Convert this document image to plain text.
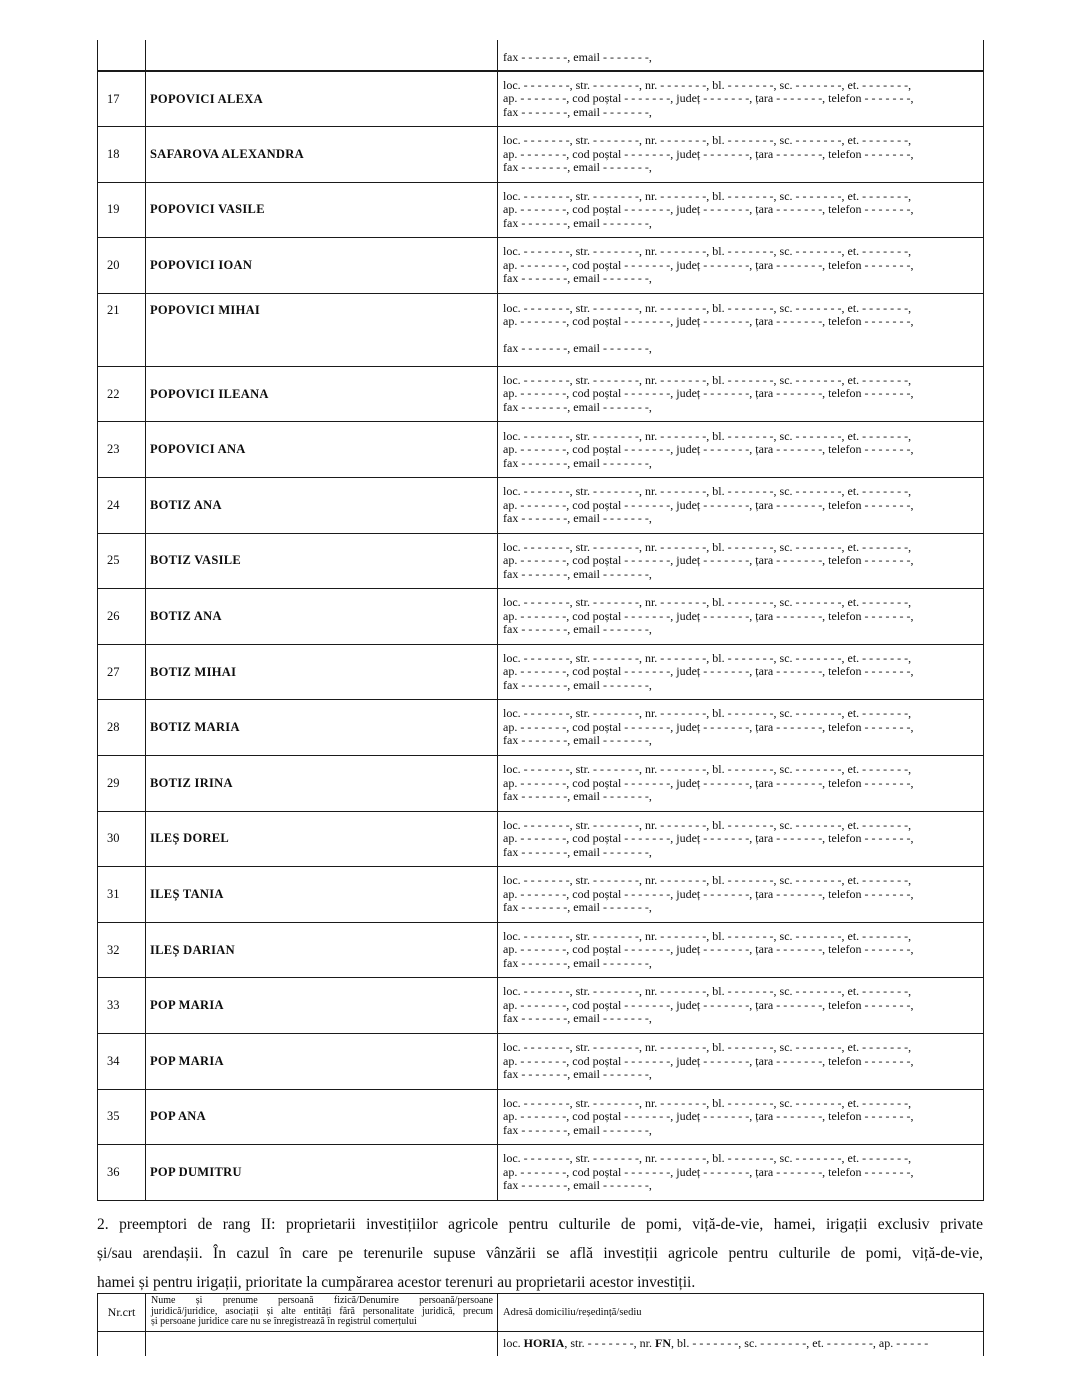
		fax - - - - - - -, email - - - - - - -,

17	POPOVICI ALEXA	loc. - - - - - - -, str. - - - - - - -, nr. - - - - - - -, bl. - - - - - - -, sc. - - - - - - -, et. - - - - - - -,
ap. - - - - - - -, cod poștal - - - - - - -, județ - - - - - - -, țara - - - - - - -, telefon - - - - - - -,
fax - - - - - - -, email - - - - - - -,

18	SAFAROVA ALEXANDRA	loc. - - - - - - -, str. - - - - - - -, nr. - - - - - - -, bl. - - - - - - -, sc. - - - - - - -, et. - - - - - - -,
ap. - - - - - - -, cod poștal - - - - - - -, județ - - - - - - -, țara - - - - - - -, telefon - - - - - - -,
fax - - - - - - -, email - - - - - - -,

19	POPOVICI VASILE	loc. - - - - - - -, str. - - - - - - -, nr. - - - - - - -, bl. - - - - - - -, sc. - - - - - - -, et. - - - - - - -,
ap. - - - - - - -, cod poștal - - - - - - -, județ - - - - - - -, țara - - - - - - -, telefon - - - - - - -,
fax - - - - - - -, email - - - - - - -,

20	POPOVICI IOAN	loc. - - - - - - -, str. - - - - - - -, nr. - - - - - - -, bl. - - - - - - -, sc. - - - - - - -, et. - - - - - - -,
ap. - - - - - - -, cod poștal - - - - - - -, județ - - - - - - -, țara - - - - - - -, telefon - - - - - - -,
fax - - - - - - -, email - - - - - - -,

21	POPOVICI MIHAI	loc. - - - - - - -, str. - - - - - - -, nr. - - - - - - -, bl. - - - - - - -, sc. - - - - - - -, et. - - - - - - -,
ap. - - - - - - -, cod poștal - - - - - - -, județ - - - - - - -, țara - - - - - - -, telefon - - - - - - -,
fax - - - - - - -, email - - - - - - -,

22	POPOVICI ILEANA	loc. - - - - - - -, str. - - - - - - -, nr. - - - - - - -, bl. - - - - - - -, sc. - - - - - - -, et. - - - - - - -,
ap. - - - - - - -, cod poștal - - - - - - -, județ - - - - - - -, țara - - - - - - -, telefon - - - - - - -,
fax - - - - - - -, email - - - - - - -,

23	POPOVICI ANA	loc. - - - - - - -, str. - - - - - - -, nr. - - - - - - -, bl. - - - - - - -, sc. - - - - - - -, et. - - - - - - -,
ap. - - - - - - -, cod poștal - - - - - - -, județ - - - - - - -, țara - - - - - - -, telefon - - - - - - -,
fax - - - - - - -, email - - - - - - -,

24	BOTIZ ANA	loc. - - - - - - -, str. - - - - - - -, nr. - - - - - - -, bl. - - - - - - -, sc. - - - - - - -, et. - - - - - - -,
ap. - - - - - - -, cod poștal - - - - - - -, județ - - - - - - -, țara - - - - - - -, telefon - - - - - - -,
fax - - - - - - -, email - - - - - - -,

25	BOTIZ VASILE	loc. - - - - - - -, str. - - - - - - -, nr. - - - - - - -, bl. - - - - - - -, sc. - - - - - - -, et. - - - - - - -,
ap. - - - - - - -, cod poștal - - - - - - -, județ - - - - - - -, țara - - - - - - -, telefon - - - - - - -,
fax - - - - - - -, email - - - - - - -,

26	BOTIZ ANA	loc. - - - - - - -, str. - - - - - - -, nr. - - - - - - -, bl. - - - - - - -, sc. - - - - - - -, et. - - - - - - -,
ap. - - - - - - -, cod poștal - - - - - - -, județ - - - - - - -, țara - - - - - - -, telefon - - - - - - -,
fax - - - - - - -, email - - - - - - -,

27	BOTIZ MIHAI	loc. - - - - - - -, str. - - - - - - -, nr. - - - - - - -, bl. - - - - - - -, sc. - - - - - - -, et. - - - - - - -,
ap. - - - - - - -, cod poștal - - - - - - -, județ - - - - - - -, țara - - - - - - -, telefon - - - - - - -,
fax - - - - - - -, email - - - - - - -,

28	BOTIZ MARIA	loc. - - - - - - -, str. - - - - - - -, nr. - - - - - - -, bl. - - - - - - -, sc. - - - - - - -, et. - - - - - - -,
ap. - - - - - - -, cod poștal - - - - - - -, județ - - - - - - -, țara - - - - - - -, telefon - - - - - - -,
fax - - - - - - -, email - - - - - - -,

29	BOTIZ IRINA	loc. - - - - - - -, str. - - - - - - -, nr. - - - - - - -, bl. - - - - - - -, sc. - - - - - - -, et. - - - - - - -,
ap. - - - - - - -, cod poștal - - - - - - -, județ - - - - - - -, țara - - - - - - -, telefon - - - - - - -,
fax - - - - - - -, email - - - - - - -,

30	ILEȘ DOREL	loc. - - - - - - -, str. - - - - - - -, nr. - - - - - - -, bl. - - - - - - -, sc. - - - - - - -, et. - - - - - - -,
ap. - - - - - - -, cod poștal - - - - - - -, județ - - - - - - -, țara - - - - - - -, telefon - - - - - - -,
fax - - - - - - -, email - - - - - - -,

31	ILEȘ TANIA	loc. - - - - - - -, str. - - - - - - -, nr. - - - - - - -, bl. - - - - - - -, sc. - - - - - - -, et. - - - - - - -,
ap. - - - - - - -, cod poștal - - - - - - -, județ - - - - - - -, țara - - - - - - -, telefon - - - - - - -,
fax - - - - - - -, email - - - - - - -,

32	ILEȘ DARIAN	loc. - - - - - - -, str. - - - - - - -, nr. - - - - - - -, bl. - - - - - - -, sc. - - - - - - -, et. - - - - - - -,
ap. - - - - - - -, cod poștal - - - - - - -, județ - - - - - - -, țara - - - - - - -, telefon - - - - - - -,
fax - - - - - - -, email - - - - - - -,

33	POP MARIA	loc. - - - - - - -, str. - - - - - - -, nr. - - - - - - -, bl. - - - - - - -, sc. - - - - - - -, et. - - - - - - -,
ap. - - - - - - -, cod poștal - - - - - - -, județ - - - - - - -, țara - - - - - - -, telefon - - - - - - -,
fax - - - - - - -, email - - - - - - -,

34	POP MARIA	loc. - - - - - - -, str. - - - - - - -, nr. - - - - - - -, bl. - - - - - - -, sc. - - - - - - -, et. - - - - - - -,
ap. - - - - - - -, cod poștal - - - - - - -, județ - - - - - - -, țara - - - - - - -, telefon - - - - - - -,
fax - - - - - - -, email - - - - - - -,

35	POP ANA	loc. - - - - - - -, str. - - - - - - -, nr. - - - - - - -, bl. - - - - - - -, sc. - - - - - - -, et. - - - - - - -,
ap. - - - - - - -, cod poștal - - - - - - -, județ - - - - - - -, țara - - - - - - -, telefon - - - - - - -,
fax - - - - - - -, email - - - - - - -,

36	POP DUMITRU	loc. - - - - - - -, str. - - - - - - -, nr. - - - - - - -, bl. - - - - - - -, sc. - - - - - - -, et. - - - - - - -,
ap. - - - - - - -, cod poștal - - - - - - -, județ - - - - - - -, țara - - - - - - -, telefon - - - - - - -,
fax - - - - - - -, email - - - - - - -,
2. preemptori de rang II: proprietarii investițiilor agricole pentru culturile de pomi, viță-de-vie, hamei, irigații exclusiv private
și/sau arendașii. În cazul în care pe terenurile supuse vânzării se află investiții agricole pentru culturile de pomi, viță-de-vie,
hamei și pentru irigații, prioritate la cumpărarea acestor terenuri au proprietarii acestor investiții.
Nr.crt	Nume și prenume persoană fizică/Denumire persoană/persoane
juridică/juridice, asociații și alte entități fără personalitate juridică, precum
și persoane juridice care nu se înregistrează în registrul comerțului	Adresă domiciliu/reședință/sediu
		loc. HORIA, str. - - - - - - -, nr. FN, bl. - - - - - - -, sc. - - - - - - -, et. - - - - - - -, ap. - - - - -
